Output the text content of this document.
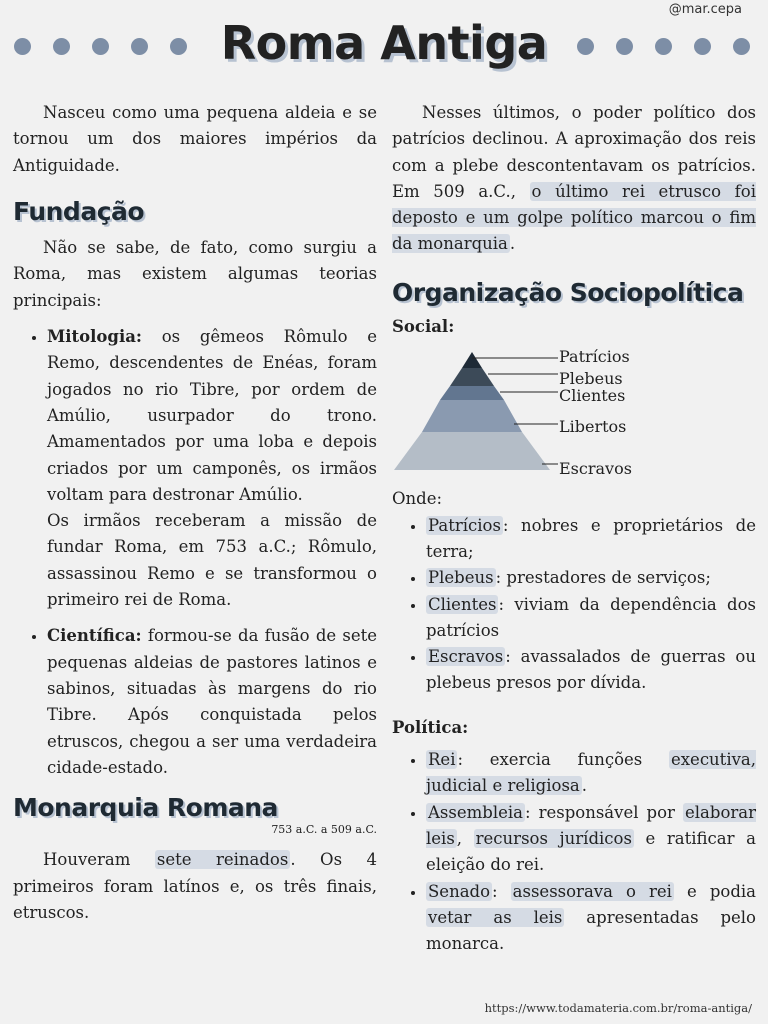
@mar.cepa
Roma Antiga

Nasceu como uma pequena aldeia e se tornou um dos maiores impérios da Antiguidade.

Fundação

Não se sabe, de fato, como surgiu a Roma, mas existem algumas teorias principais:

• Mitologia: os gêmeos Rômulo e Remo, descendentes de Enéas, foram jogados no rio Tibre, por ordem de Amúlio, usurpador do trono. Amamentados por uma loba e depois criados por um camponês, os irmãos voltam para destronar Amúlio.
Os irmãos receberam a missão de fundar Roma, em 753 a.C.; Rômulo, assassinou Remo e se transformou o primeiro rei de Roma.
• Científica: formou-se da fusão de sete pequenas aldeias de pastores latinos e sabinos, situadas às margens do rio Tibre. Após conquistada pelos etruscos, chegou a ser uma verdadeira cidade-estado.
Monarquia Romana
753 a.C. a 509 a.C.

Houveram sete reinados . Os 4 primeiros foram latínos e, os três finais, etruscos.

Nesses últimos, o poder político dos patrícios declinou. A aproximação dos reis com a plebe descontentavam os patrícios. Em 509 a.C., o último rei etrusco foi deposto e um golpe político marcou o fim da monarquia .

Organização Sociopolítica
Social:
Patrícios
Plebeus
Clientes
Libertos
Escravos

Onde:

• Patrícios : nobres e proprietários de terra;
• Plebeus : prestadores de serviços;
• Clientes : viviam da dependência dos patrícios
• Escravos : avassalados de guerras ou plebeus presos por dívida.
Política:
• Rei : exercia funções executiva, judicial e religiosa .
• Assembleia : responsável por elaborar leis , recursos jurídicos e ratificar a eleição do rei.
• Senado : assessorava o rei e podia vetar as leis apresentadas pelo monarca.
https://www.todamateria.com.br/roma-antiga/
